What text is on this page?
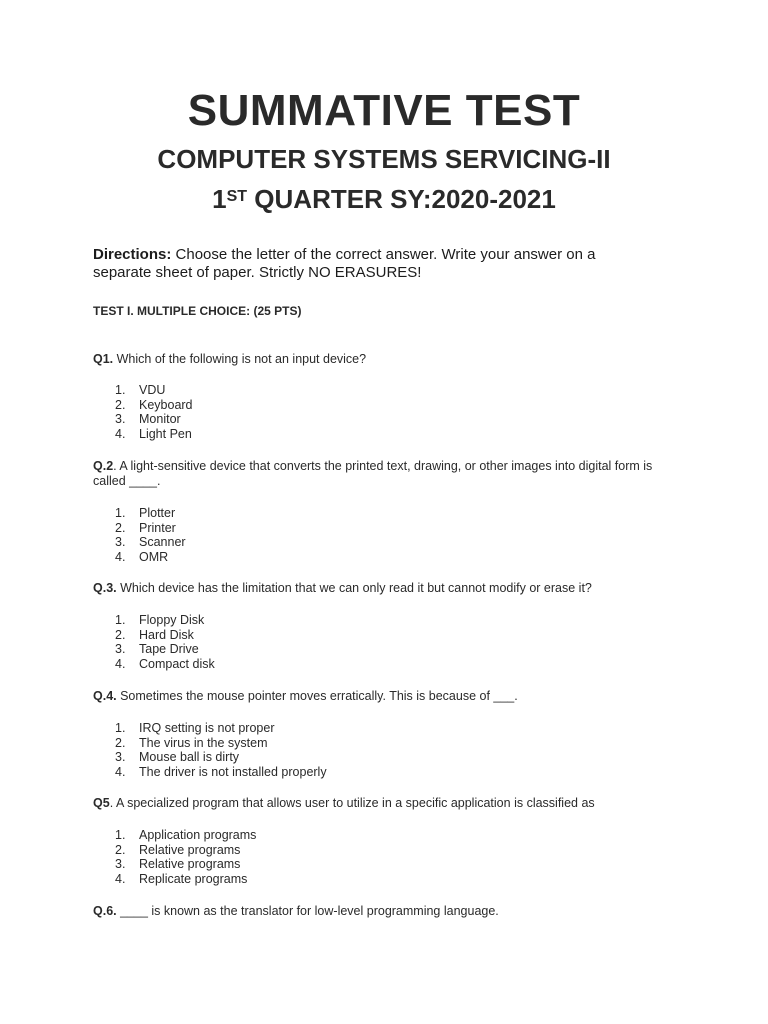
SUMMATIVE TEST
COMPUTER SYSTEMS SERVICING-II
1ST QUARTER SY:2020-2021
Directions: Choose the letter of the correct answer. Write your answer on a separate sheet of paper. Strictly NO ERASURES!
TEST I. MULTIPLE CHOICE: (25 PTS)
Q1. Which of the following is not an input device?
1.	VDU
2.	Keyboard
3.	Monitor
4.	Light Pen
Q.2. A light-sensitive device that converts the printed text, drawing, or other images into digital form is called ____.
1.	Plotter
2.	Printer
3.	Scanner
4.	OMR
Q.3. Which device has the limitation that we can only read it but cannot modify or erase it?
1.	Floppy Disk
2.	Hard Disk
3.	Tape Drive
4.	Compact disk
Q.4. Sometimes the mouse pointer moves erratically. This is because of ___.
1.	IRQ setting is not proper
2.	The virus in the system
3.	Mouse ball is dirty
4.	The driver is not installed properly
Q5. A specialized program that allows user to utilize in a specific application is classified as
1.	Application programs
2.	Relative programs
3.	Relative programs
4.	Replicate programs
Q.6. ____ is known as the translator for low-level programming language.
